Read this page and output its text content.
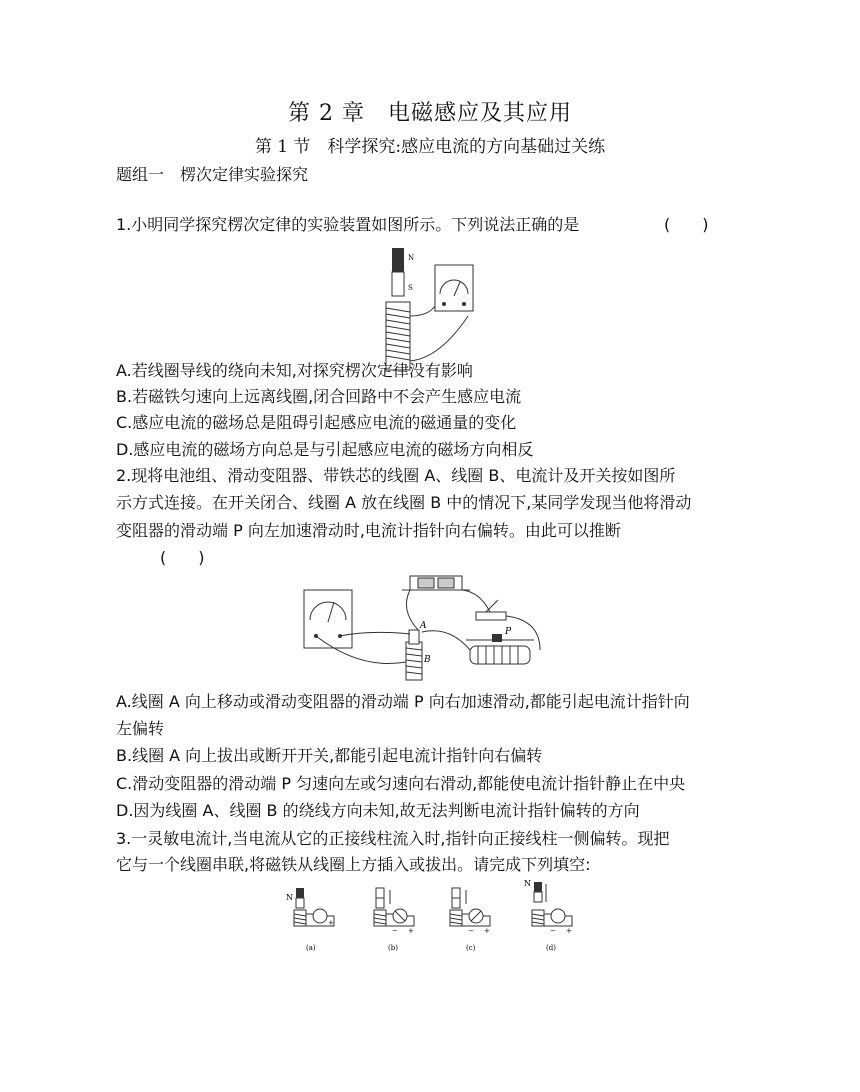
第 2 章　电磁感应及其应用
第 1 节　科学探究:感应电流的方向基础过关练
题组一　楞次定律实验探究
1.小明同学探究楞次定律的实验装置如图所示。下列说法正确的是	(　　)
N
S
A.若线圈导线的绕向未知,对探究楞次定律没有影响
B.若磁铁匀速向上远离线圈,闭合回路中不会产生感应电流
C.感应电流的磁场总是阻碍引起感应电流的磁通量的变化
D.感应电流的磁场方向总是与引起感应电流的磁场方向相反
2.现将电池组、滑动变阻器、带铁芯的线圈 A、线圈 B、电流计及开关按如图所
示方式连接。在开关闭合、线圈 A 放在线圈 B 中的情况下,某同学发现当他将滑动
变阻器的滑动端 P 向左加速滑动时,电流计指针向右偏转。由此可以推断
(　　)
A
B
P
A.线圈 A 向上移动或滑动变阻器的滑动端 P 向右加速滑动,都能引起电流计指针向
左偏转
B.线圈 A 向上拔出或断开开关,都能引起电流计指针向右偏转
C.滑动变阻器的滑动端 P 匀速向左或匀速向右滑动,都能使电流计指针静止在中央
D.因为线圈 A、线圈 B 的绕线方向未知,故无法判断电流计指针偏转的方向
3.一灵敏电流计,当电流从它的正接线柱流入时,指针向正接线柱一侧偏转。现把
它与一个线圈串联,将磁铁从线圈上方插入或拔出。请完成下列填空:
N
+
(a)
− +
(b)
− +
(c)
N
− +
(d)
